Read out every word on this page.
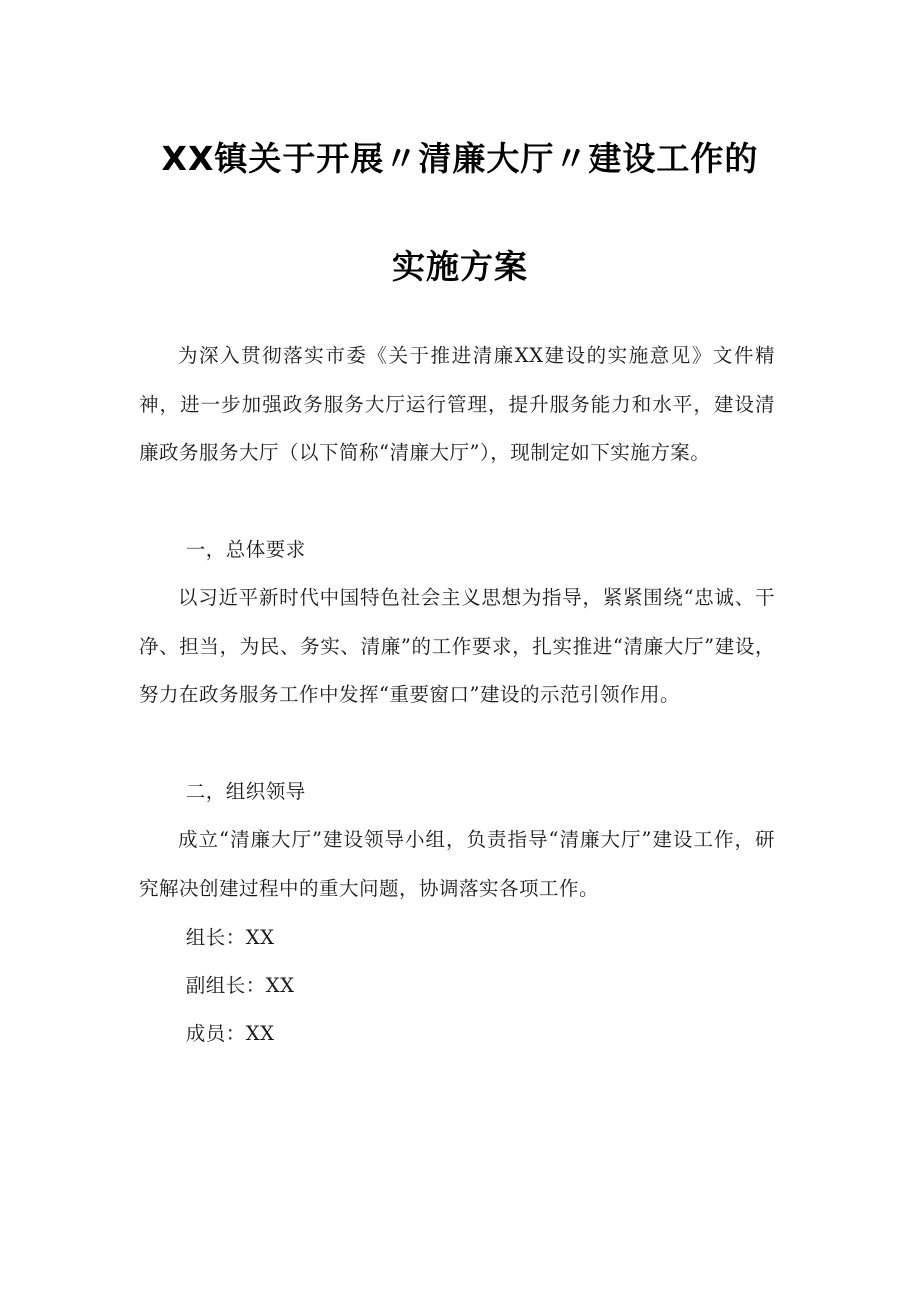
XX镇关于开展〃清廉大厅〃建设工作的
实施方案

为深入贯彻落实市委《关于推进清廉XX建设的实施意见》文件精神，进一步加强政务服务大厅运行管理，提升服务能力和水平，建设清廉政务服务大厅（以下简称“清廉大厅”），现制定如下实施方案。

一，总体要求

以习近平新时代中国特色社会主义思想为指导，紧紧围绕“忠诚、干净、担当，为民、务实、清廉”的工作要求，扎实推进“清廉大厅”建设，努力在政务服务工作中发挥“重要窗口”建设的示范引领作用。

二，组织领导

成立“清廉大厅”建设领导小组，负责指导“清廉大厅”建设工作，研究解决创建过程中的重大问题，协调落实各项工作。

组长：XX

副组长：XX

成员：XX
